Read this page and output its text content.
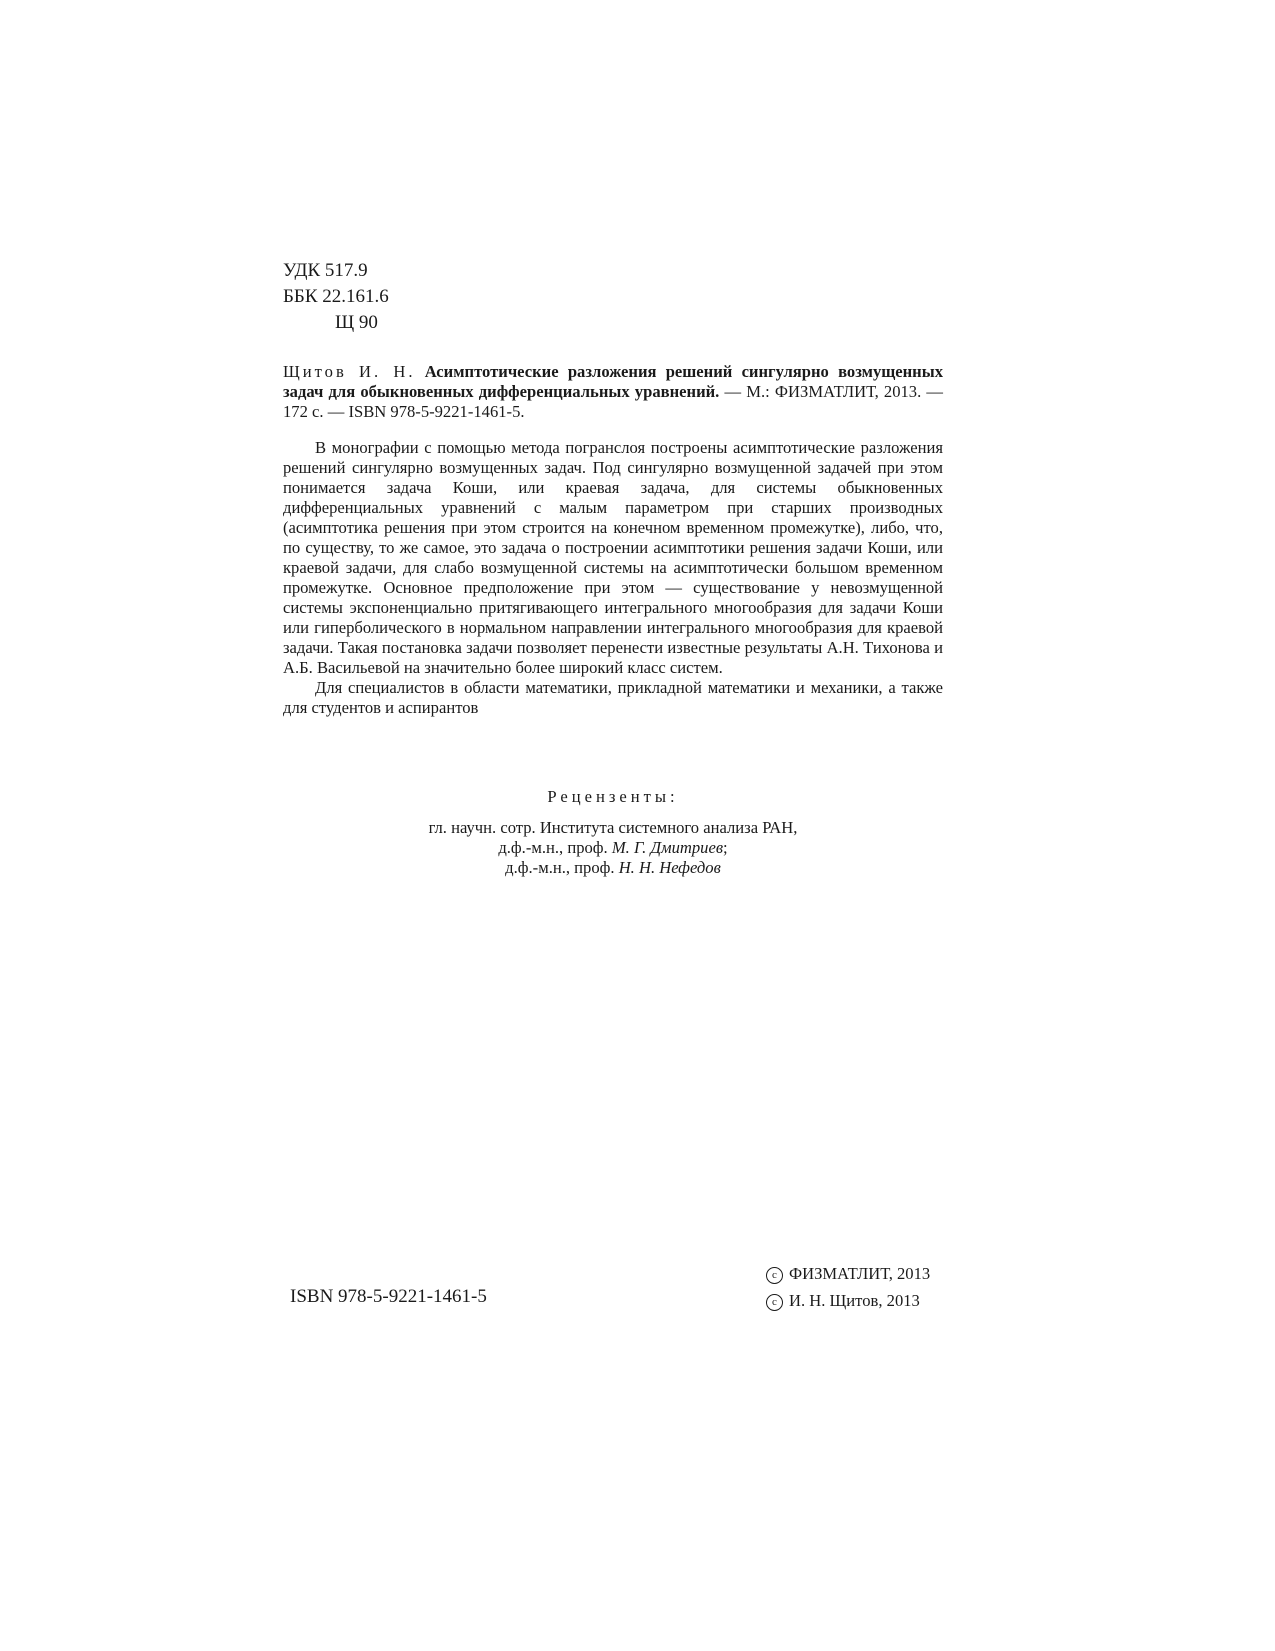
УДК 517.9
ББК 22.161.6
Щ 90
Щитов И. Н. Асимптотические разложения решений сингулярно возмущенных задач для обыкновенных дифференциальных уравнений. — М.: ФИЗМАТЛИТ, 2013. — 172 с. — ISBN 978-5-9221-1461-5.

В монографии с помощью метода погранслоя построены асимптотические разложения решений сингулярно возмущенных задач. Под сингулярно возмущенной задачей при этом понимается задача Коши, или краевая задача, для системы обыкновенных дифференциальных уравнений с малым параметром при старших производных (асимптотика решения при этом строится на конечном временном промежутке), либо, что, по существу, то же самое, это задача о построении асимптотики решения задачи Коши, или краевой задачи, для слабо возмущенной системы на асимптотически большом временном промежутке. Основное предположение при этом — существование у невозмущенной системы экспоненциально притягивающего интегрального многообразия для задачи Коши или гиперболического в нормальном направлении интегрального многообразия для краевой задачи. Такая постановка задачи позволяет перенести известные результаты А.Н. Тихонова и А.Б. Васильевой на значительно более широкий класс систем.

Для специалистов в области математики, прикладной математики и механики, а также для студентов и аспирантов

Рецензенты:
гл. научн. сотр. Института системного анализа РАН,
д.ф.-м.н., проф. М. Г. Дмитриев;
д.ф.-м.н., проф. Н. Н. Нефедов
ISBN 978-5-9221-1461-5
c ФИЗМАТЛИТ, 2013
c И. Н. Щитов, 2013
